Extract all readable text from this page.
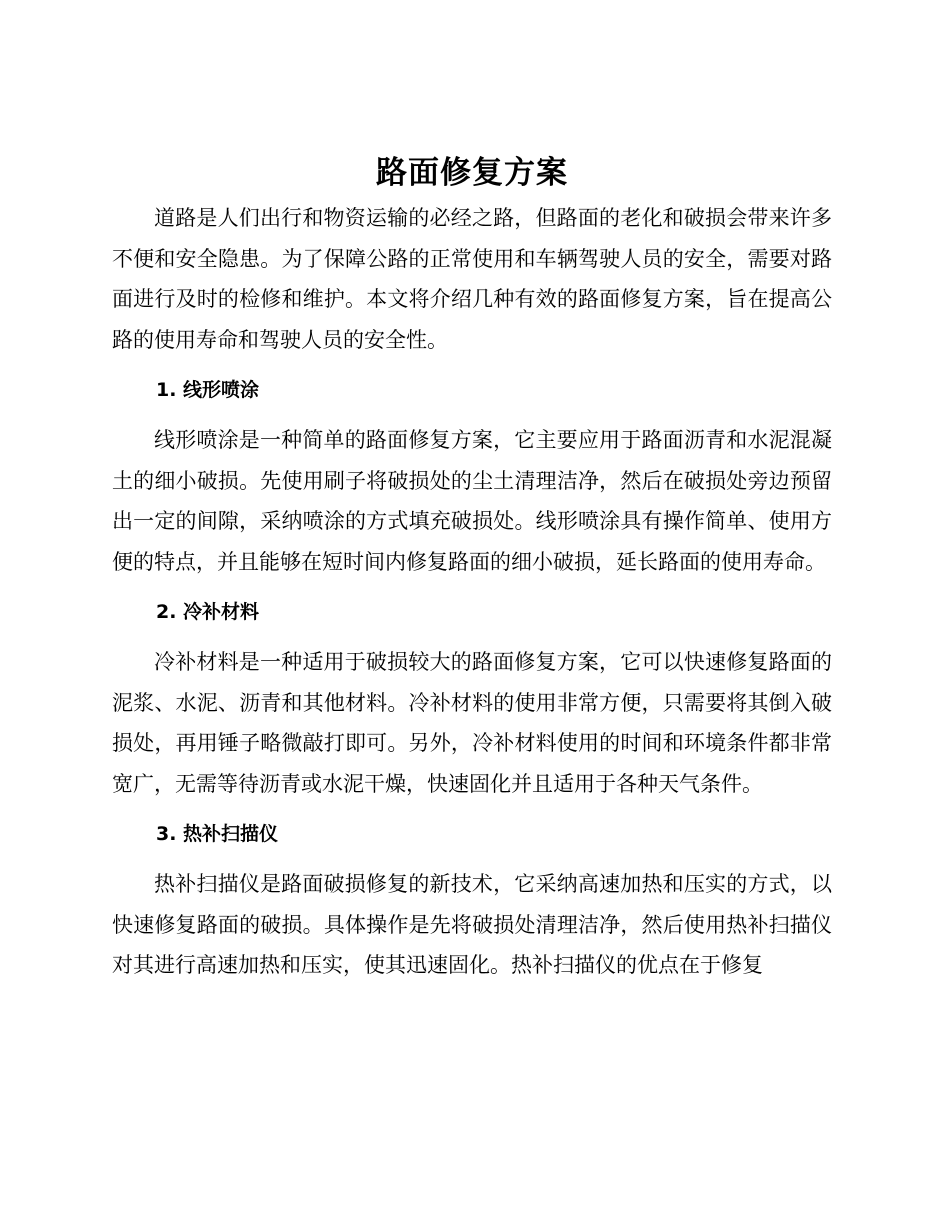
路面修复方案

道路是人们出行和物资运输的必经之路，但路面的老化和破损会带来许多不便和安全隐患。为了保障公路的正常使用和车辆驾驶人员的安全，需要对路面进行及时的检修和维护。本文将介绍几种有效的路面修复方案，旨在提高公路的使用寿命和驾驶人员的安全性。

1. 线形喷涂

线形喷涂是一种简单的路面修复方案，它主要应用于路面沥青和水泥混凝土的细小破损。先使用刷子将破损处的尘土清理洁净，然后在破损处旁边预留出一定的间隙，采纳喷涂的方式填充破损处。线形喷涂具有操作简单、使用方便的特点，并且能够在短时间内修复路面的细小破损，延长路面的使用寿命。

2. 冷补材料

冷补材料是一种适用于破损较大的路面修复方案，它可以快速修复路面的泥浆、水泥、沥青和其他材料。冷补材料的使用非常方便，只需要将其倒入破损处，再用锤子略微敲打即可。另外，冷补材料使用的时间和环境条件都非常宽广，无需等待沥青或水泥干燥，快速固化并且适用于各种天气条件。

3. 热补扫描仪

热补扫描仪是路面破损修复的新技术，它采纳高速加热和压实的方式，以快速修复路面的破损。具体操作是先将破损处清理洁净，然后使用热补扫描仪对其进行高速加热和压实，使其迅速固化。热补扫描仪的优点在于修复
